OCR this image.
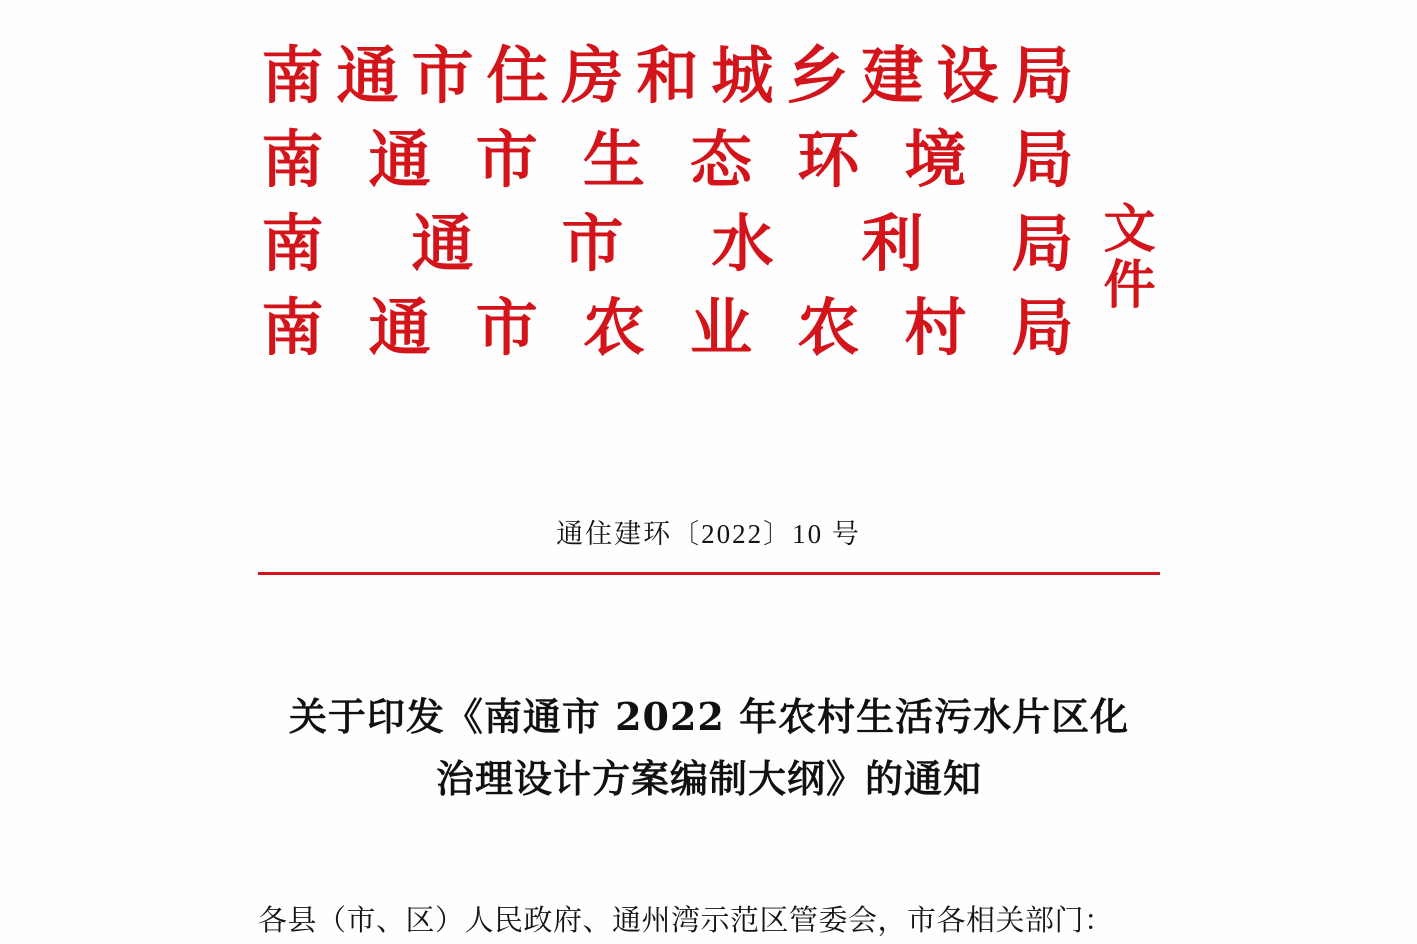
南 通 市 住 房 和 城 乡 建 设 局
南 通 市 生 态 环 境 局
南 通 市 水 利 局
南 通 市 农 业 农 村 局
文
件
通住建环〔2022〕10 号
关于印发《南通市 2022 年农村生活污水片区化
治理设计方案编制大纲》的通知
各县（市、区）人民政府、通州湾示范区管委会，市各相关部门：
